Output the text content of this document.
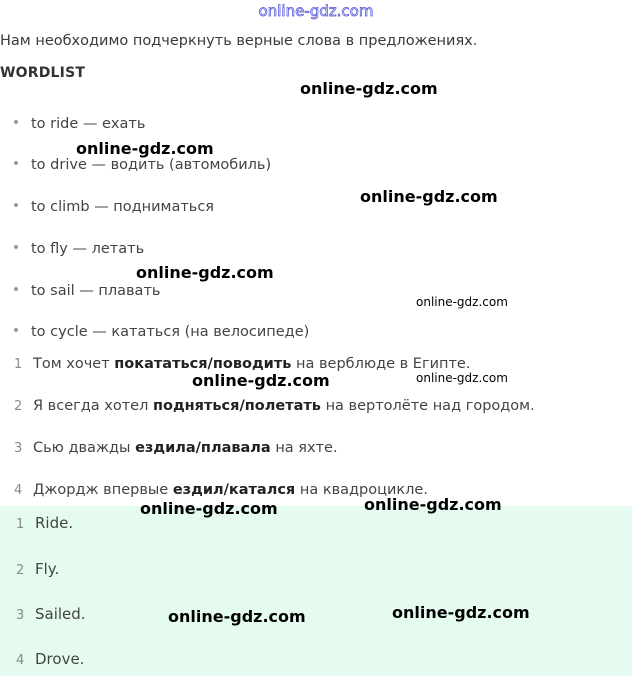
online-gdz.com
Нам необходимо подчеркнуть верные слова в предложениях.
WORDLIST
to ride — ехать
to drive — водить (автомобиль)
to climb — подниматься
to fly — летать
to sail — плавать
to cycle — кататься (на велосипеде)
1 Том хочет покататься/поводить на верблюде в Египте.
2 Я всегда хотел подняться/полетать на вертолёте над городом.
3 Сью дважды ездила/плавала на яхте.
4 Джордж впервые ездил/катался на квадроцикле.
1 Ride.
2 Fly.
3 Sailed.
4 Drove.
online-gdz.com
online-gdz.com
online-gdz.com
online-gdz.com
online-gdz.com
online-gdz.com	online-gdz.com
online-gdz.com	online-gdz.com
online-gdz.com	online-gdz.com
